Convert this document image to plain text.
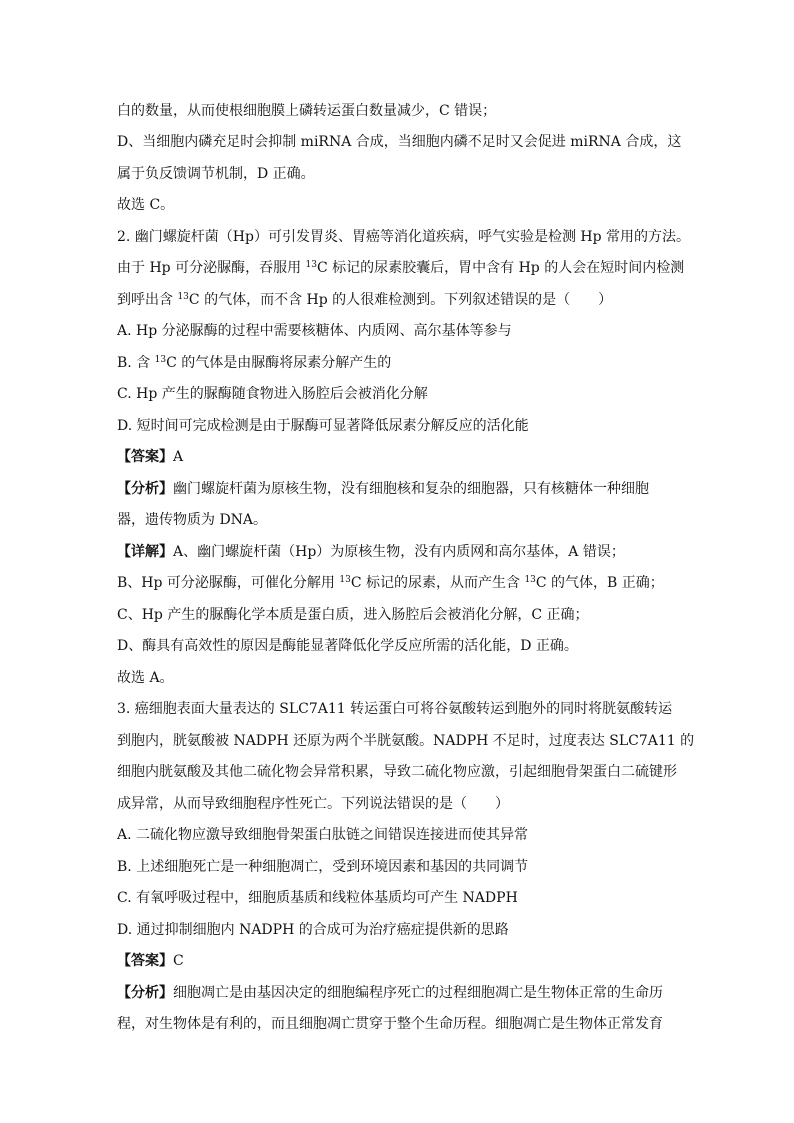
白的数量，从而使根细胞膜上磷转运蛋白数量减少，C 错误；
D、当细胞内磷充足时会抑制 miRNA 合成，当细胞内磷不足时又会促进 miRNA 合成，这
属于负反馈调节机制，D 正确。
故选 C。
2. 幽门螺旋杆菌（Hp）可引发胃炎、胃癌等消化道疾病，呼气实验是检测 Hp 常用的方法。
由于 Hp 可分泌脲酶，吞服用 $^{13}$C 标记的尿素胶囊后，胃中含有 Hp 的人会在短时间内检测
到呼出含 $^{13}$C 的气体，而不含 Hp 的人很难检测到。下列叙述错误的是（　　）
A. Hp 分泌脲酶的过程中需要核糖体、内质网、高尔基体等参与
B. 含 $^{13}$C 的气体是由脲酶将尿素分解产生的
C. Hp 产生的脲酶随食物进入肠腔后会被消化分解
D. 短时间可完成检测是由于脲酶可显著降低尿素分解反应的活化能
【答案】A
【分析】幽门螺旋杆菌为原核生物，没有细胞核和复杂的细胞器，只有核糖体一种细胞
器，遗传物质为 DNA。
【详解】A、幽门螺旋杆菌（Hp）为原核生物，没有内质网和高尔基体，A 错误；
B、Hp 可分泌脲酶，可催化分解用 $^{13}$C 标记的尿素，从而产生含 $^{13}$C 的气体，B 正确；
C、Hp 产生的脲酶化学本质是蛋白质，进入肠腔后会被消化分解，C 正确；
D、酶具有高效性的原因是酶能显著降低化学反应所需的活化能，D 正确。
故选 A。
3. 癌细胞表面大量表达的 SLC7A11 转运蛋白可将谷氨酸转运到胞外的同时将胱氨酸转运
到胞内，胱氨酸被 NADPH 还原为两个半胱氨酸。NADPH 不足时，过度表达 SLC7A11 的
细胞内胱氨酸及其他二硫化物会异常积累，导致二硫化物应激，引起细胞骨架蛋白二硫键形
成异常，从而导致细胞程序性死亡。下列说法错误的是（　　）
A. 二硫化物应激导致细胞骨架蛋白肽链之间错误连接进而使其异常
B. 上述细胞死亡是一种细胞凋亡，受到环境因素和基因的共同调节
C. 有氧呼吸过程中，细胞质基质和线粒体基质均可产生 NADPH
D. 通过抑制细胞内 NADPH 的合成可为治疗癌症提供新的思路
【答案】C
【分析】细胞凋亡是由基因决定的细胞编程序死亡的过程细胞凋亡是生物体正常的生命历
程，对生物体是有利的，而且细胞凋亡贯穿于整个生命历程。细胞凋亡是生物体正常发育
